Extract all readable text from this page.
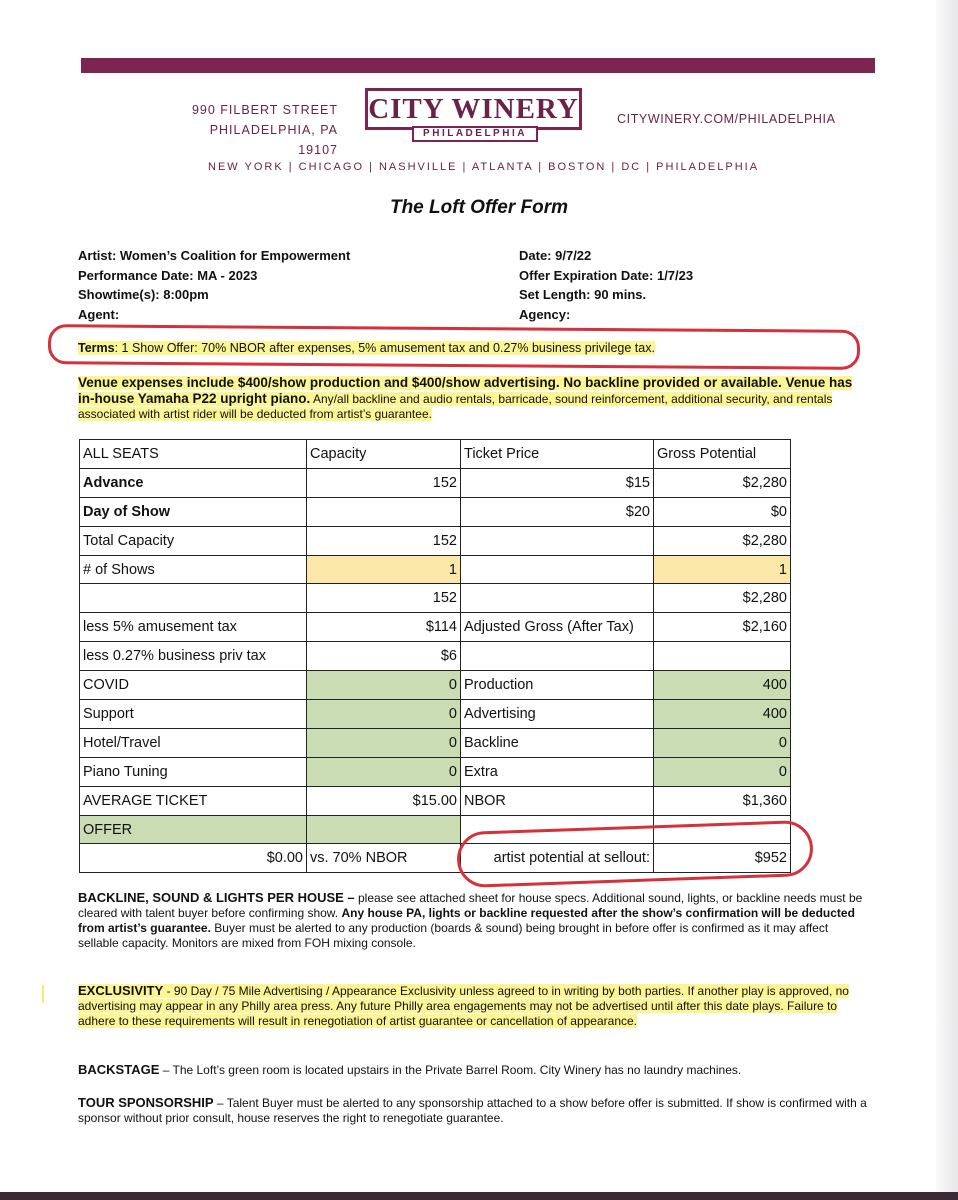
990 FILBERT STREET
PHILADELPHIA, PA 19107
CITY WINERY
PHILADELPHIA
CITYWINERY.COM/PHILADELPHIA
NEW YORK | CHICAGO | NASHVILLE | ATLANTA | BOSTON | DC | PHILADELPHIA
The Loft Offer Form
Artist: Women’s Coalition for Empowerment
Performance Date: MA - 2023
Showtime(s): 8:00pm
Agent:
Date: 9/7/22
Offer Expiration Date: 1/7/23
Set Length: 90 mins.
Agency:
Terms: 1 Show Offer: 70% NBOR after expenses, 5% amusement tax and 0.27% business privilege tax.
Venue expenses include $400/show production and $400/show advertising. No backline provided or available. Venue has in-house Yamaha P22 upright piano. Any/all backline and audio rentals, barricade, sound reinforcement, additional security, and rentals associated with artist rider will be deducted from artist’s guarantee.
ALL SEATS	Capacity	Ticket Price	Gross Potential
Advance	152	$15	$2,280
Day of Show		$20	$0
Total Capacity	152		$2,280
# of Shows	1		1
	152		$2,280
less 5% amusement tax	$114	Adjusted Gross (After Tax)	$2,160
less 0.27% business priv tax	$6		
COVID	0	Production	400
Support	0	Advertising	400
Hotel/Travel	0	Backline	0
Piano Tuning	0	Extra	0
AVERAGE TICKET	$15.00	NBOR	$1,360
OFFER			
$0.00	vs. 70% NBOR	artist potential at sellout:	$952
BACKLINE, SOUND & LIGHTS PER HOUSE – please see attached sheet for house specs. Additional sound, lights, or backline needs must be cleared with talent buyer before confirming show. Any house PA, lights or backline requested after the show’s confirmation will be deducted from artist’s guarantee. Buyer must be alerted to any production (boards & sound) being brought in before offer is confirmed as it may affect sellable capacity. Monitors are mixed from FOH mixing console.
EXCLUSIVITY - 90 Day / 75 Mile Advertising / Appearance Exclusivity unless agreed to in writing by both parties. If another play is approved, no advertising may appear in any Philly area press. Any future Philly area engagements may not be advertised until after this date plays. Failure to adhere to these requirements will result in renegotiation of artist guarantee or cancellation of appearance.
BACKSTAGE – The Loft’s green room is located upstairs in the Private Barrel Room. City Winery has no laundry machines.
TOUR SPONSORSHIP – Talent Buyer must be alerted to any sponsorship attached to a show before offer is submitted. If show is confirmed with a sponsor without prior consult, house reserves the right to renegotiate guarantee.
